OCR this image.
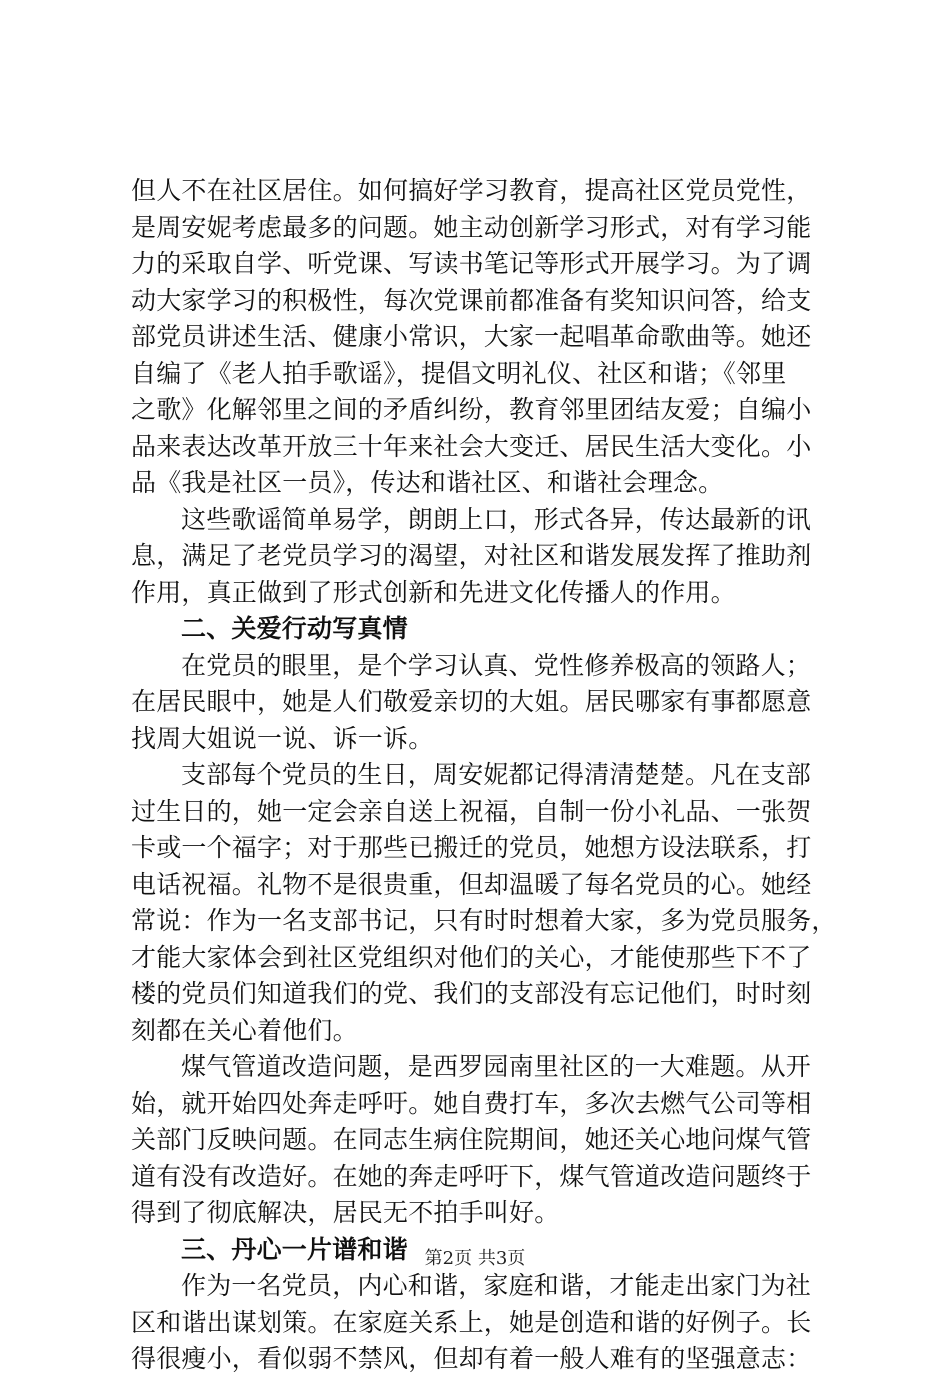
但人不在社区居住。如何搞好学习教育，提高社区党员党性，
是周安妮考虑最多的问题。她主动创新学习形式，对有学习能
力的采取自学、听党课、写读书笔记等形式开展学习。为了调
动大家学习的积极性，每次党课前都准备有奖知识问答，给支
部党员讲述生活、健康小常识，大家一起唱革命歌曲等。她还
自编了《老人拍手歌谣》，提倡文明礼仪、社区和谐；《邻里
之歌》化解邻里之间的矛盾纠纷，教育邻里团结友爱；自编小
品来表达改革开放三十年来社会大变迁、居民生活大变化。小
品《我是社区一员》，传达和谐社区、和谐社会理念。
这些歌谣简单易学，朗朗上口，形式各异，传达最新的讯
息，满足了老党员学习的渴望，对社区和谐发展发挥了推助剂
作用，真正做到了形式创新和先进文化传播人的作用。
二、关爱行动写真情
在党员的眼里，是个学习认真、党性修养极高的领路人；
在居民眼中，她是人们敬爱亲切的大姐。居民哪家有事都愿意
找周大姐说一说、诉一诉。
支部每个党员的生日，周安妮都记得清清楚楚。凡在支部
过生日的，她一定会亲自送上祝福，自制一份小礼品、一张贺
卡或一个福字；对于那些已搬迁的党员，她想方设法联系，打
电话祝福。礼物不是很贵重，但却温暖了每名党员的心。她经
常说：作为一名支部书记，只有时时想着大家，多为党员服务，
才能大家体会到社区党组织对他们的关心，才能使那些下不了
楼的党员们知道我们的党、我们的支部没有忘记他们，时时刻
刻都在关心着他们。
煤气管道改造问题，是西罗园南里社区的一大难题。从开
始，就开始四处奔走呼吁。她自费打车，多次去燃气公司等相
关部门反映问题。在同志生病住院期间，她还关心地问煤气管
道有没有改造好。在她的奔走呼吁下，煤气管道改造问题终于
得到了彻底解决，居民无不拍手叫好。
三、丹心一片谱和谐
作为一名党员，内心和谐，家庭和谐，才能走出家门为社
区和谐出谋划策。在家庭关系上，她是创造和谐的好例子。长
得很瘦小，看似弱不禁风，但却有着一般人难有的坚强意志：
第2页 共3页
